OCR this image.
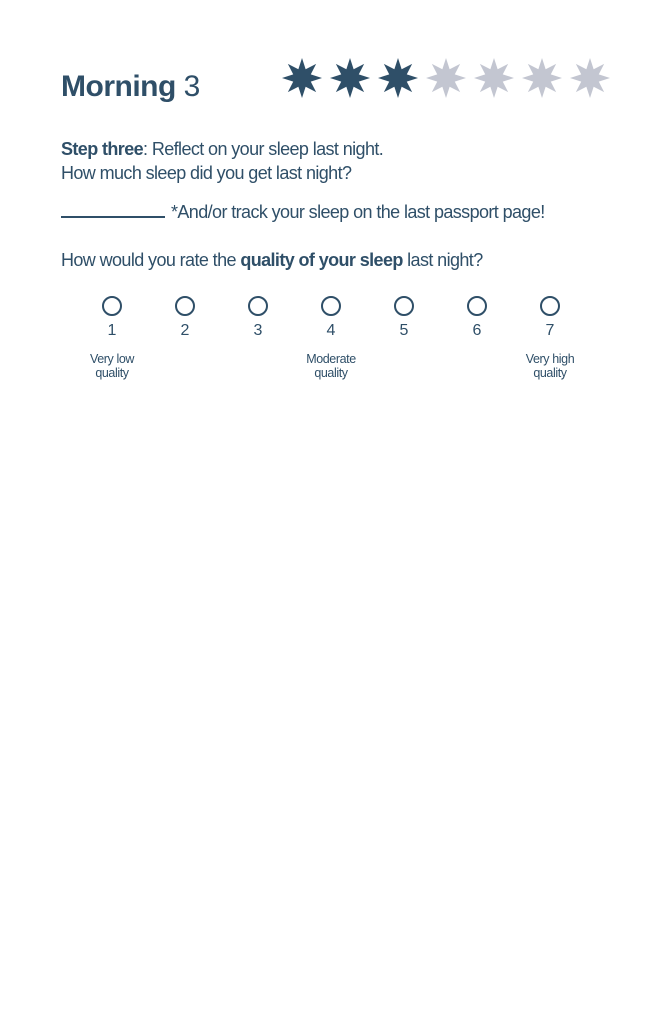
Morning 3
Step three: Reflect on your sleep last night.
How much sleep did you get last night?
*And/or track your sleep on the last passport page!
How would you rate the quality of your sleep last night?
1	2	3	4	5	6	7
Very low
quality
Moderate
quality
Very high
quality
